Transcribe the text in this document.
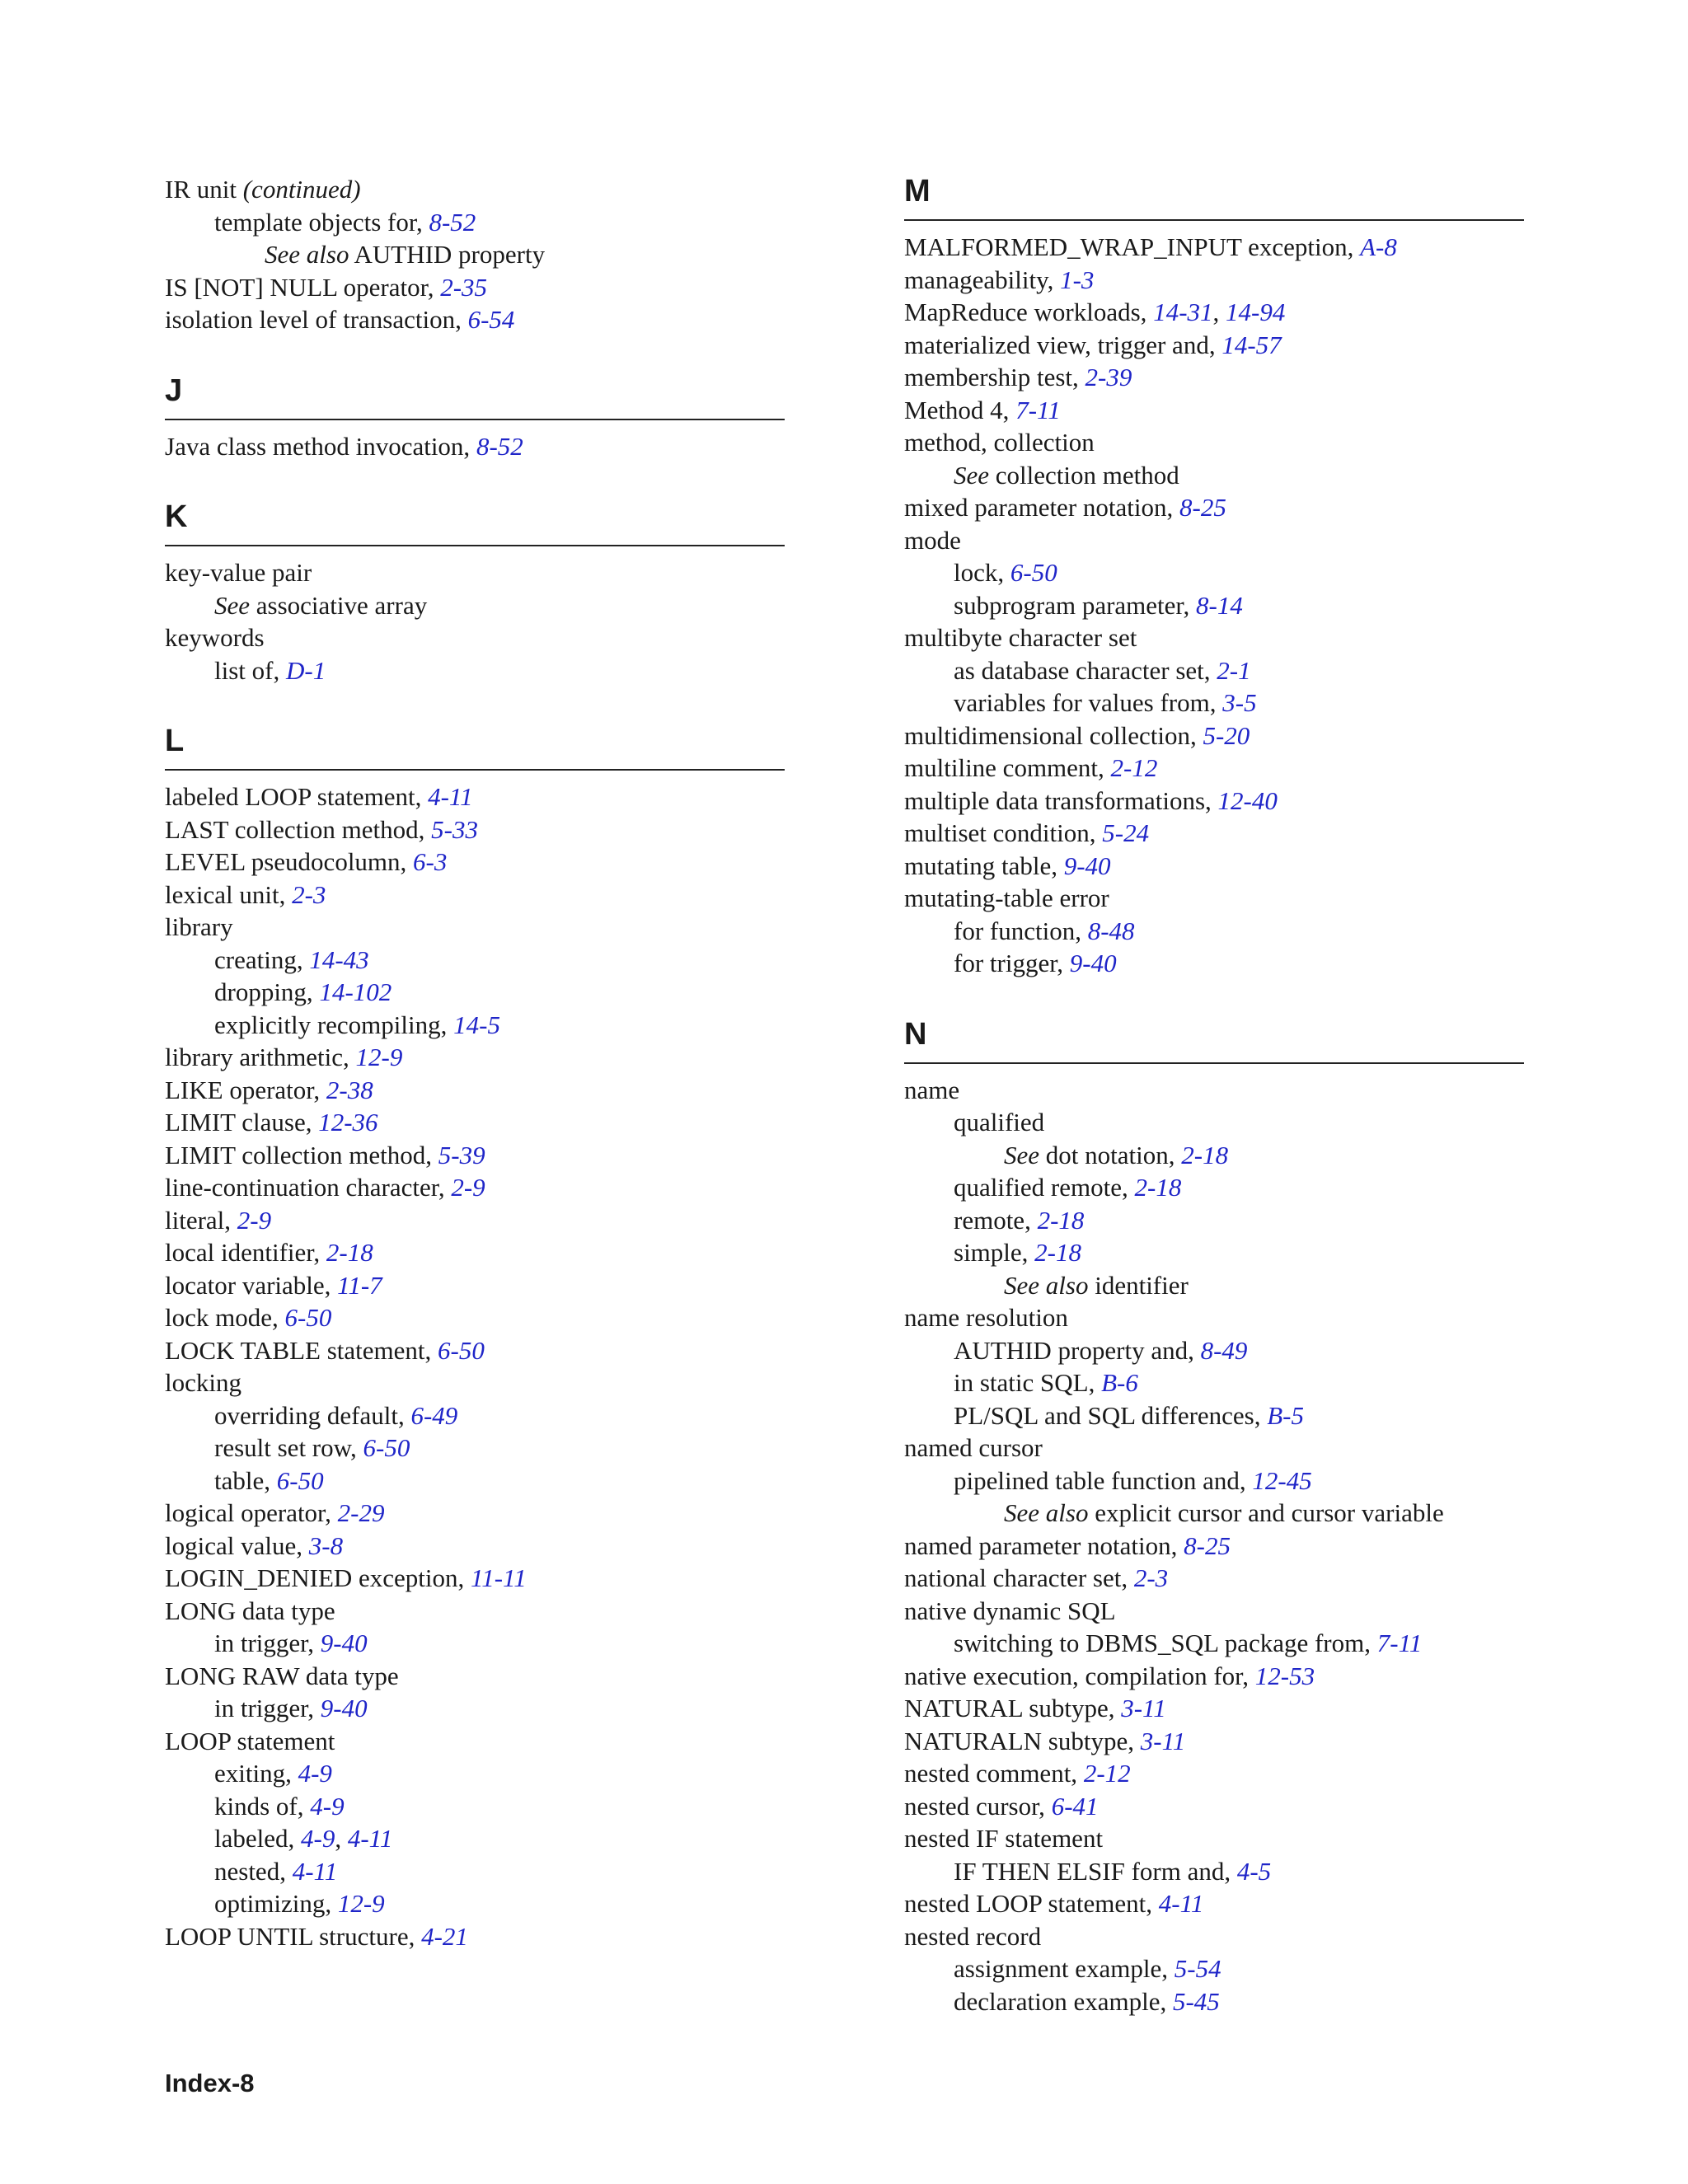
IR unit (continued)
template objects for, 8-52
See also AUTHID property
IS [NOT] NULL operator, 2-35
isolation level of transaction, 6-54
J
Java class method invocation, 8-52
K
key-value pair
See associative array
keywords
list of, D-1
L
labeled LOOP statement, 4-11
LAST collection method, 5-33
LEVEL pseudocolumn, 6-3
lexical unit, 2-3
library
creating, 14-43
dropping, 14-102
explicitly recompiling, 14-5
library arithmetic, 12-9
LIKE operator, 2-38
LIMIT clause, 12-36
LIMIT collection method, 5-39
line-continuation character, 2-9
literal, 2-9
local identifier, 2-18
locator variable, 11-7
lock mode, 6-50
LOCK TABLE statement, 6-50
locking
overriding default, 6-49
result set row, 6-50
table, 6-50
logical operator, 2-29
logical value, 3-8
LOGIN_DENIED exception, 11-11
LONG data type
in trigger, 9-40
LONG RAW data type
in trigger, 9-40
LOOP statement
exiting, 4-9
kinds of, 4-9
labeled, 4-9, 4-11
nested, 4-11
optimizing, 12-9
LOOP UNTIL structure, 4-21
M
MALFORMED_WRAP_INPUT exception, A-8
manageability, 1-3
MapReduce workloads, 14-31, 14-94
materialized view, trigger and, 14-57
membership test, 2-39
Method 4, 7-11
method, collection
See collection method
mixed parameter notation, 8-25
mode
lock, 6-50
subprogram parameter, 8-14
multibyte character set
as database character set, 2-1
variables for values from, 3-5
multidimensional collection, 5-20
multiline comment, 2-12
multiple data transformations, 12-40
multiset condition, 5-24
mutating table, 9-40
mutating-table error
for function, 8-48
for trigger, 9-40
N
name
qualified
See dot notation, 2-18
qualified remote, 2-18
remote, 2-18
simple, 2-18
See also identifier
name resolution
AUTHID property and, 8-49
in static SQL, B-6
PL/SQL and SQL differences, B-5
named cursor
pipelined table function and, 12-45
See also explicit cursor and cursor variable
named parameter notation, 8-25
national character set, 2-3
native dynamic SQL
switching to DBMS_SQL package from, 7-11
native execution, compilation for, 12-53
NATURAL subtype, 3-11
NATURALN subtype, 3-11
nested comment, 2-12
nested cursor, 6-41
nested IF statement
IF THEN ELSIF form and, 4-5
nested LOOP statement, 4-11
nested record
assignment example, 5-54
declaration example, 5-45
Index-8
